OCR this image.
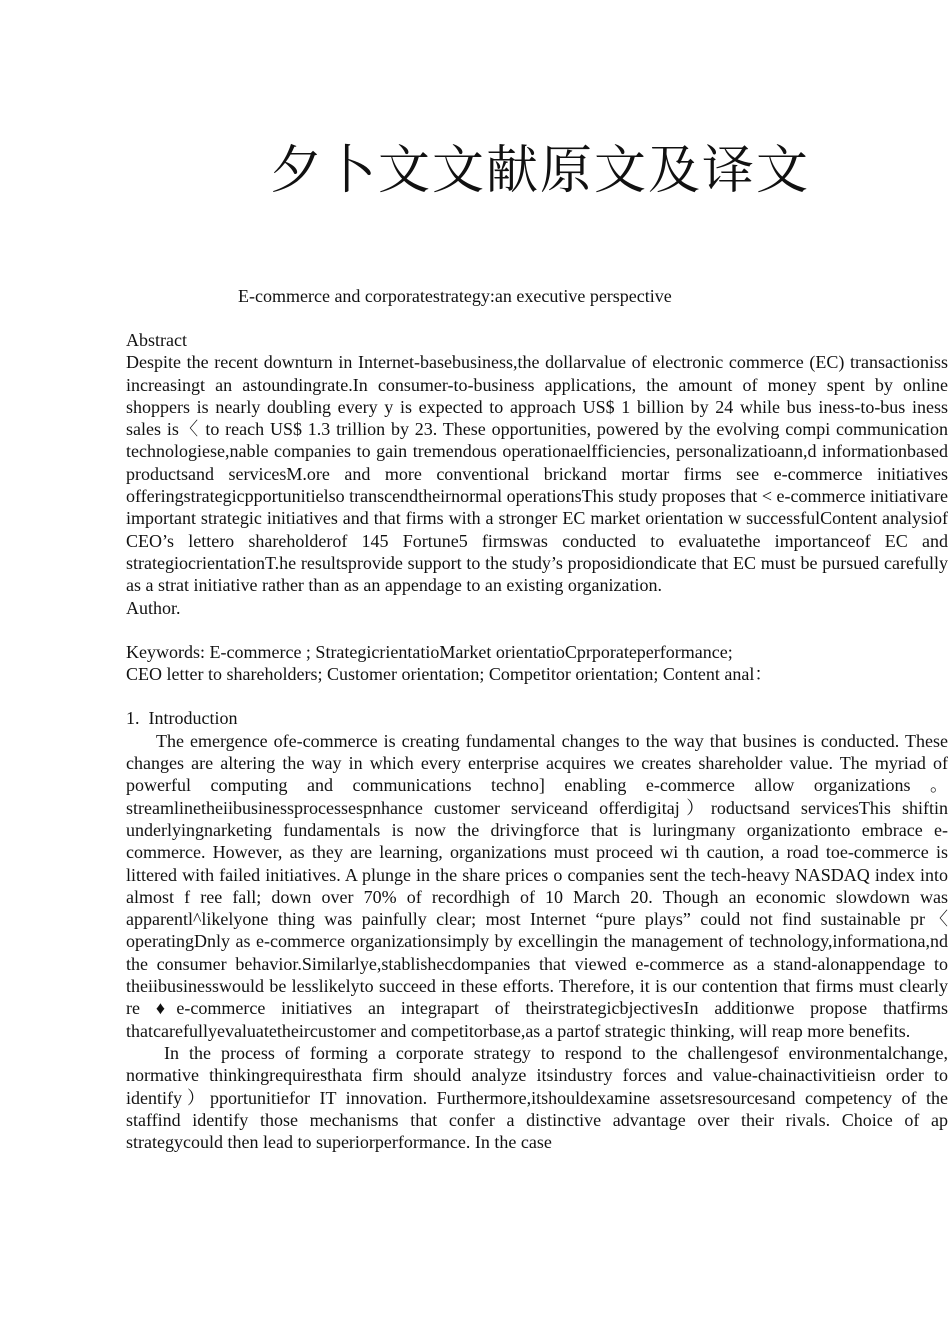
夕卜文文献原文及译文
E-commerce and corporatestrategy:an executive perspective

Abstract

Despite the recent downturn in Internet-basebusiness,the dollarvalue of electronic commerce (EC) transactioniss increasingt an astoundingrate.In consumer-to-business applications, the amount of money spent by online shoppers is nearly doubling every y is expected to approach US$ 1 billion by 24 while bus iness-to-bus iness sales is〈 to reach US$ 1.3 trillion by 23. These opportunities, powered by the evolving compi communication technologiese,nable companies to gain tremendous operationaelfficiencies, personalizatioann,d informationbased productsand servicesM.ore and more conventional brickand mortar firms see e-commerce initiatives offeringstrategicpportunitielso transcendtheirnormal operationsThis study proposes that < e-commerce initiativare important strategic initiatives and that firms with a stronger EC market orientation w successfulContent analysiof CEO’s lettero shareholderof 145 Fortune5 firmswas conducted to evaluatethe importanceof EC and strategiocrientationT.he resultsprovide support to the study’s proposidiondicate that EC must be pursued carefully as a strat initiative rather than as an appendage to an existing organization.

Author.

Keywords: E-commerce ; StrategicrientatioMarket orientatioCprporateperformance;

CEO letter to shareholders; Customer orientation; Competitor orientation; Content anal：

1.  Introduction

The emergence ofe-commerce is creating fundamental changes to the way that busines is conducted. These changes are altering the way in which every enterprise acquires we creates shareholder value. The myriad of powerful computing and communications techno] enabling e-commerce allow organizations 。 streamlinetheiibusinessprocessespnhance customer serviceand offerdigitaj）roductsand servicesThis shiftin underlyingnarketing fundamentals is now the drivingforce that is luringmany organizationto embrace e-commerce. However, as they are learning, organizations must proceed wi th caution, a road toe-commerce is littered with failed initiatives. A plunge in the share prices o companies sent the tech-heavy NASDAQ index into almost f ree fall; down over 70% of recordhigh of 10 March 20. Though an economic slowdown was apparentl^likelyone thing was painfully clear; most Internet “pure plays” could not find sustainable pr〈 operatingDnly as e-commerce organizationsimply by excellingin the management of technology,informationa,nd the consumer behavior.Similarlye,stablishecdompanies that viewed e-commerce as a stand-alonappendage to theiibusinesswould be lesslikelyto succeed in these efforts. Therefore, it is our contention that firms must clearly re ♦e-commerce initiatives an integrapart of theirstrategicbjectivesIn additionwe propose thatfirms thatcarefullyevaluatetheircustomer and competitorbase,as a partof strategic thinking, will reap more benefits.

In the process of forming a corporate strategy to respond to the challengesof environmentalchange, normative thinkingrequiresthata firm should analyze itsindustry forces and value-chainactivitieisn order to identify）pportunitiefor IT innovation. Furthermore,itshouldexamine assetsresourcesand competency of the staffind identify those mechanisms that confer a distinctive advantage over their rivals. Choice of ap strategycould then lead to superiorperformance. In the case
